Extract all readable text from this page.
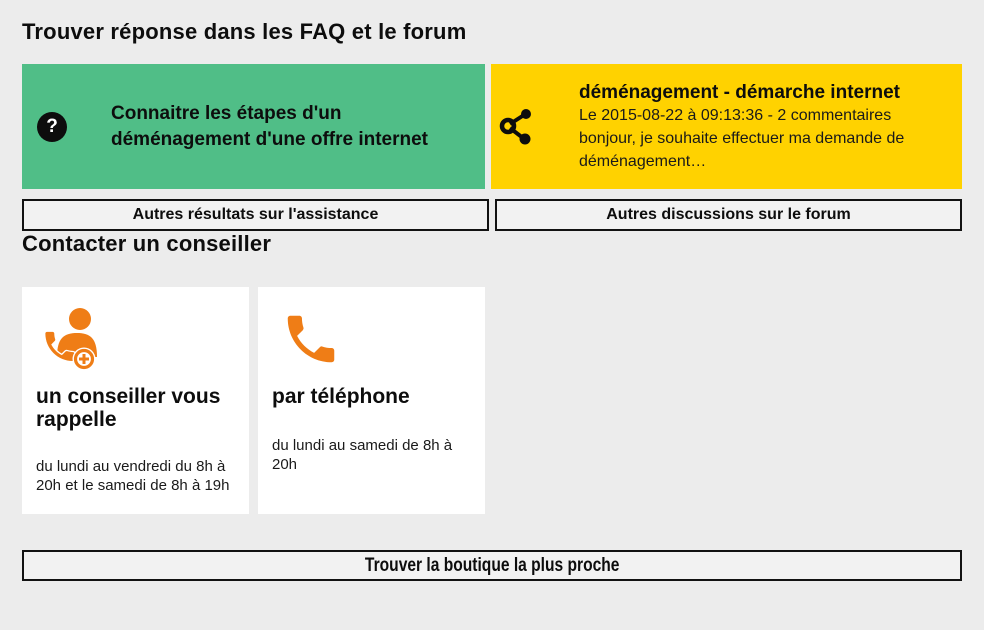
Trouver réponse dans les FAQ et le forum
?
Connaitre les étapes d'un déménagement d'une offre internet
déménagement - démarche internet
Le 2015-08-22 à 09:13:36 - 2 commentaires
bonjour, je souhaite effectuer ma demande de déménagement…
Autres résultats sur l'assistance	Autres discussions sur le forum
Contacter un conseiller
un conseiller vous rappelle
du lundi au vendredi du 8h à 20h et le samedi de 8h à 19h
par téléphone
du lundi au samedi de 8h à 20h
Trouver la boutique la plus proche
